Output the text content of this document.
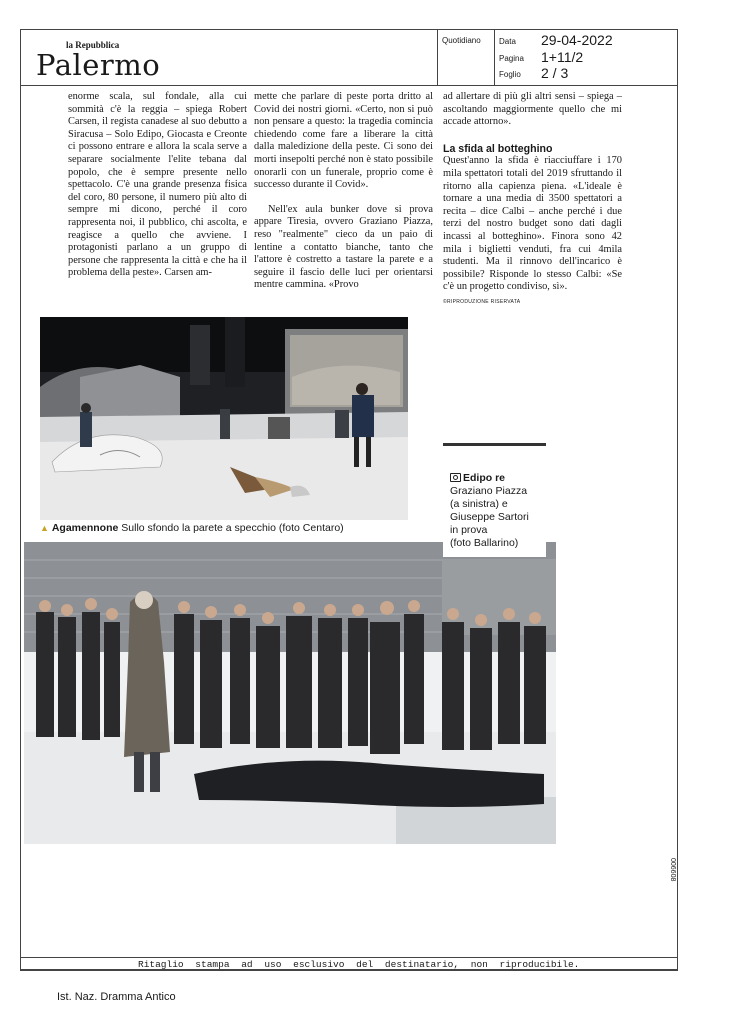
la Repubblica
Palermo
Quotidiano Data 29-04-2022
Pagina 1+11/2
Foglio 2 / 3

enorme scala, sul fondale, alla cui sommità c'è la reggia – spiega Robert Carsen, il regista canadese al suo debutto a Siracusa – Solo Edipo, Giocasta e Creonte ci possono entrare e allora la scala serve a separare socialmente l'elite tebana dal popolo, che è sempre presente nello spettacolo. C'è una grande presenza fisica del coro, 80 persone, il numero più alto di sempre mi dicono, perché il coro rappresenta noi, il pubblico, chi ascolta, e reagisce a quello che avviene. I protagonisti parlano a un gruppo di persone che rappresenta la città e che ha il problema della peste». Carsen am-

mette che parlare di peste porta dritto al Covid dei nostri giorni. «Certo, non si può non pensare a questo: la tragedia comincia chiedendo come fare a liberare la città dalla maledizione della peste. Ci sono dei morti insepolti perché non è stato possibile onorarli con un funerale, proprio come è successo durante il Covid».

Nell'ex aula bunker dove si prova appare Tiresia, ovvero Graziano Piazza, reso "realmente" cieco da un paio di lentine a contatto bianche, tanto che l'attore è costretto a tastare la parete e a seguire il fascio delle luci per orientarsi mentre cammina. «Provo

ad allertare di più gli altri sensi – spiega – ascoltando maggiormente quello che mi accade attorno».

La sfida al botteghino

Quest'anno la sfida è riacciuffare i 170 mila spettatori totali del 2019 sfruttando il ritorno alla capienza piena. «L'ideale è tornare a una media di 3500 spettatori a recita – dice Calbi – anche perché i due terzi del nostro budget sono dati dagli incassi al botteghino». Finora sono 42 mila i biglietti venduti, fra cui 4mila studenti. Ma il rinnovo dell'incarico è possibile? Risponde lo stesso Calbi: «Se c'è un progetto condiviso, sì».

©RIPRODUZIONE RISERVATA

▲ Agamennone Sullo sfondo la parete a specchio (foto Centaro)
Edipo re
Graziano Piazza
(a sinistra) e
Giuseppe Sartori
in prova
(foto Ballarino)
006608
Ritaglio stampa ad uso esclusivo del destinatario, non riproducibile.
Ist. Naz. Dramma Antico
